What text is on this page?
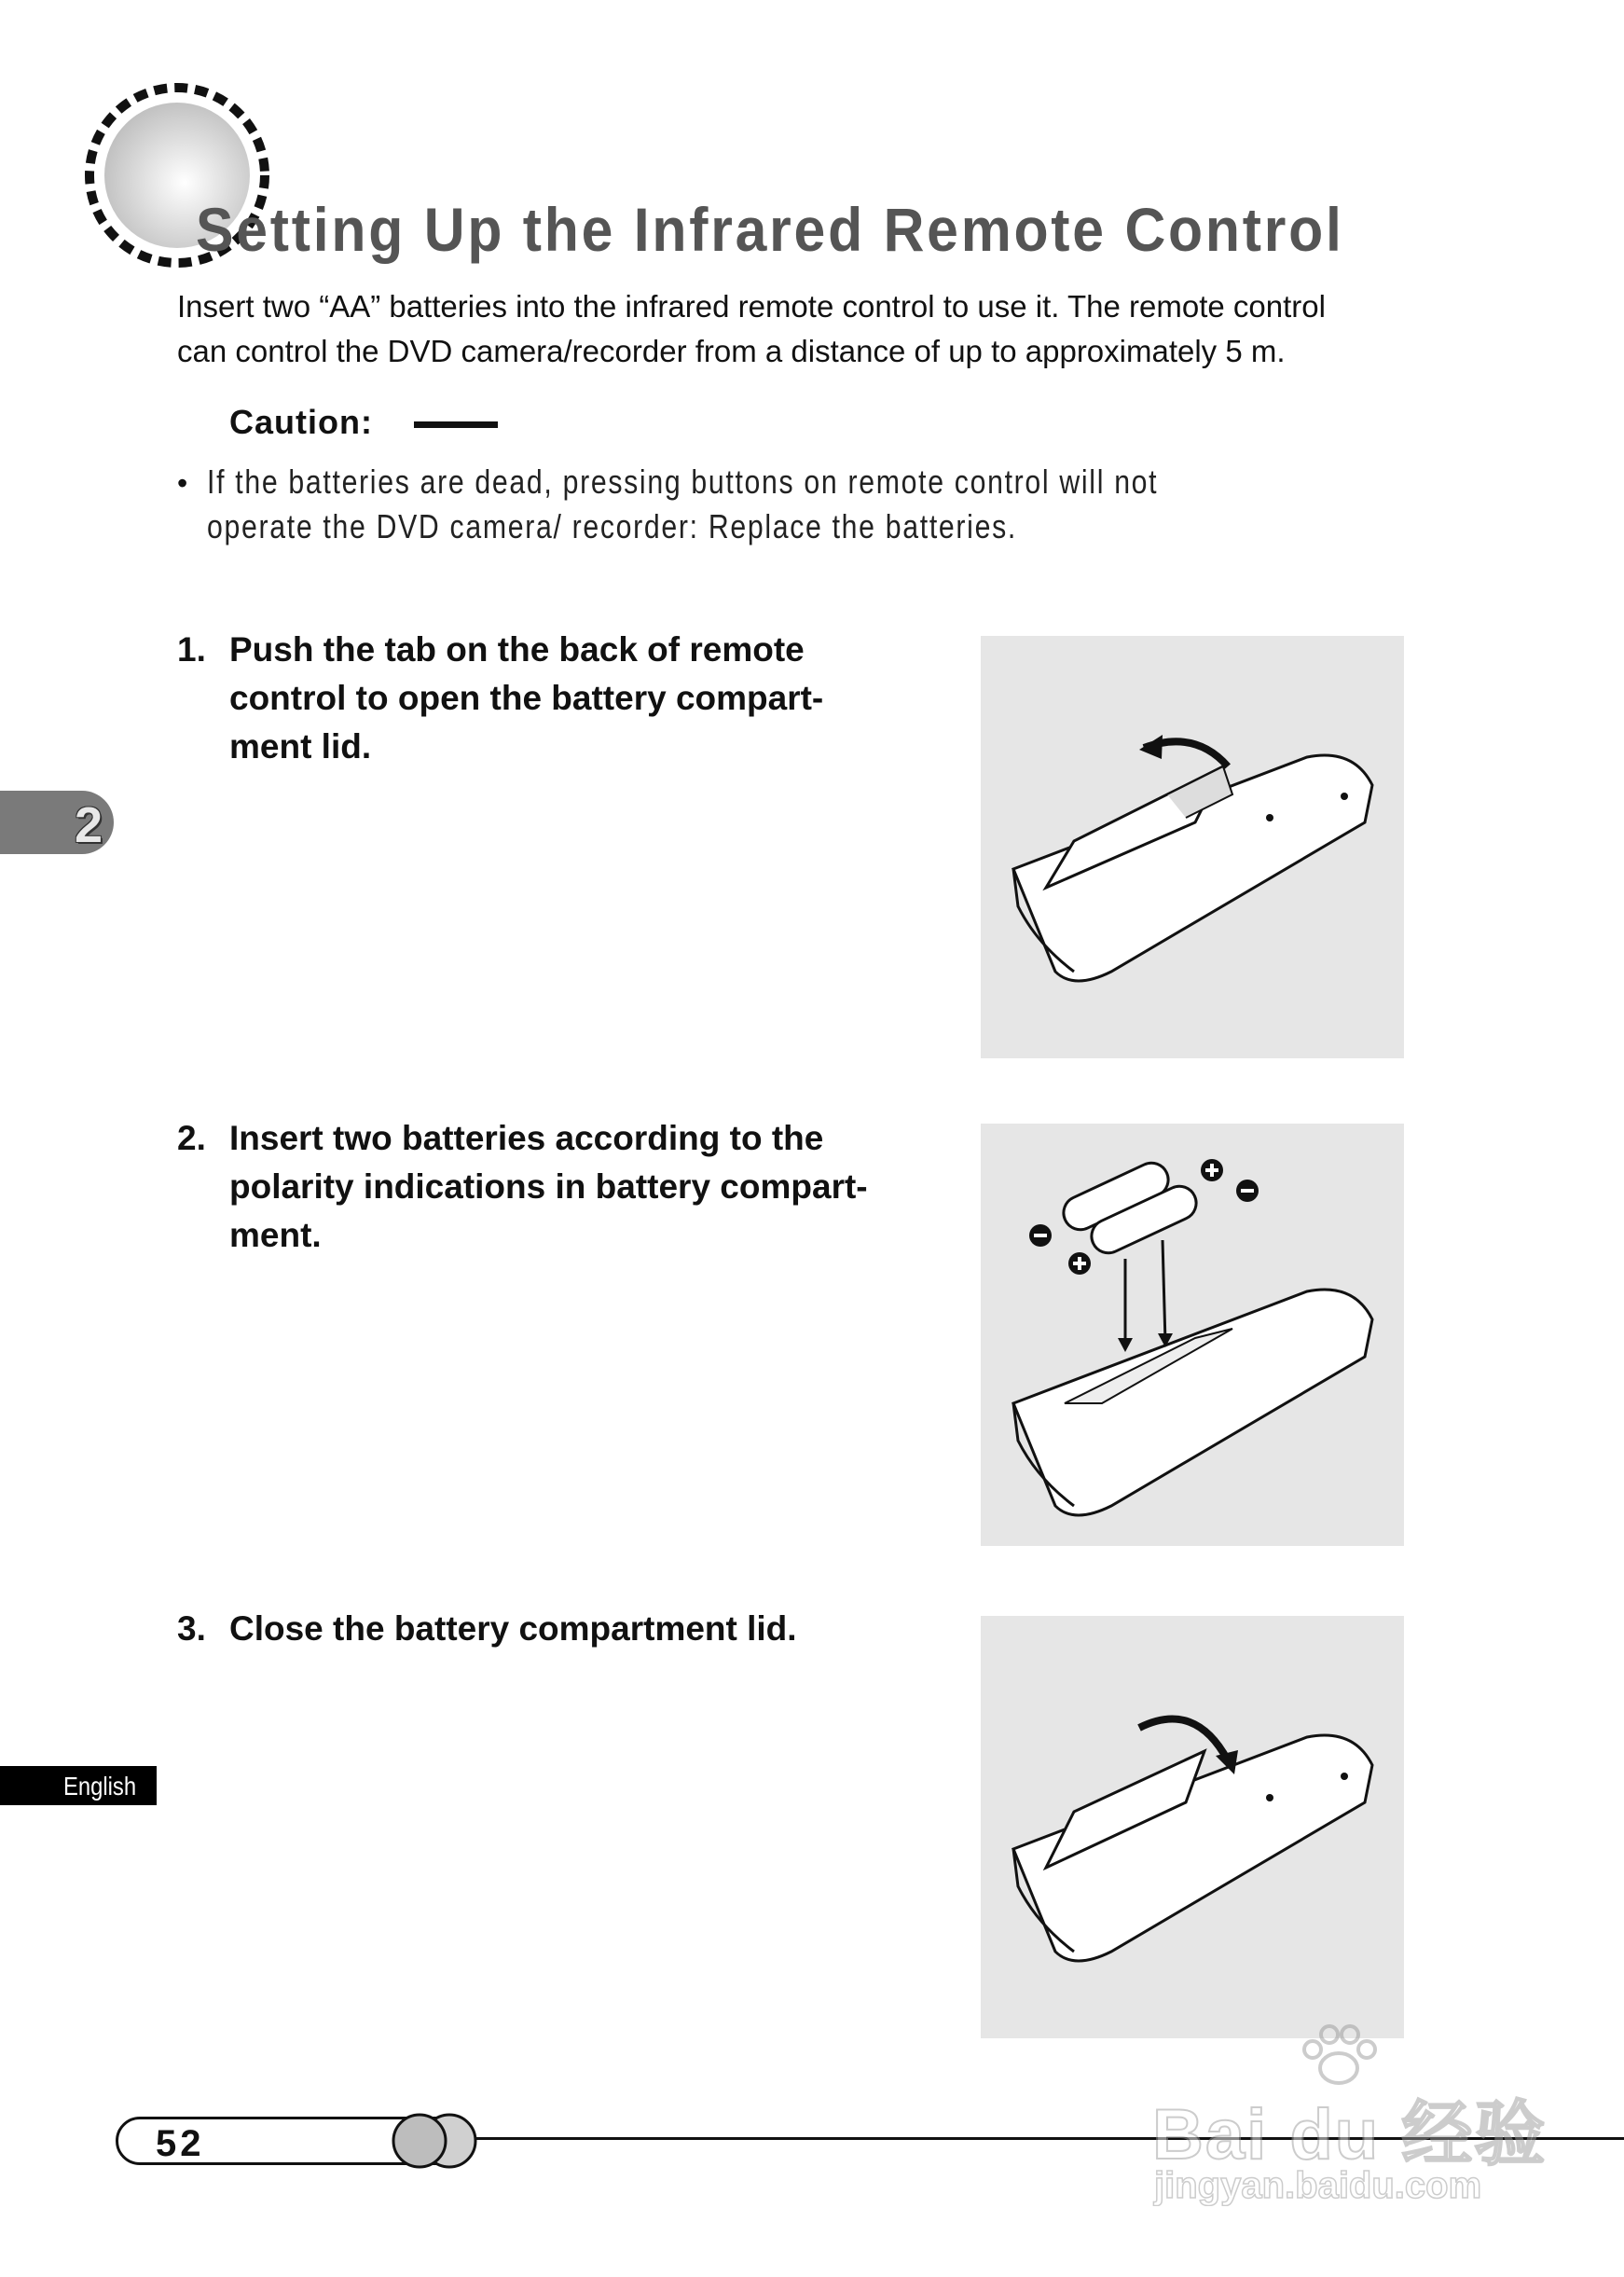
Setting Up the Infrared Remote Control
Insert two “AA” batteries into the infrared remote control to use it. The remote control
can control the DVD camera/recorder from a distance of up to approximately 5 m.
Caution:
• If the batteries are dead, pressing buttons on remote control will not
operate the DVD camera/ recorder: Replace the batteries.
1. Push the tab on the back of remote
control to open the battery compart-
ment lid.
2. Insert two batteries according to the
polarity indications in battery compart-
ment.
3. Close the battery compartment lid.
2
English
52	Bai du 经验
jingyan.baidu.com
